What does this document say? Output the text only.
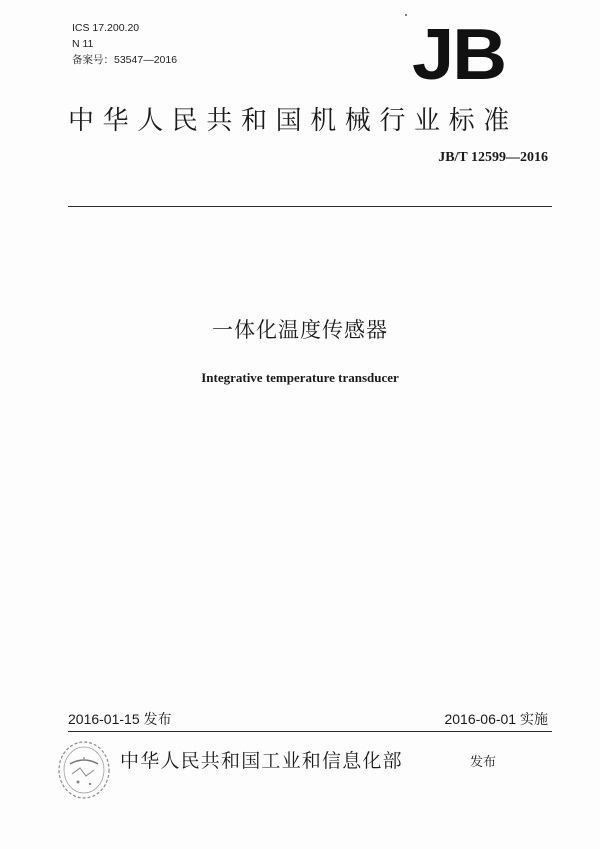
ICS 17.200.20
N 11
备案号：53547—2016	JB
中华人民共和国机械行业标准
JB/T 12599—2016
一体化温度传感器
Integrative temperature transducer
2016-01-15 发布	2016-06-01 实施
中华人民共和国工业和信息化部	发布
